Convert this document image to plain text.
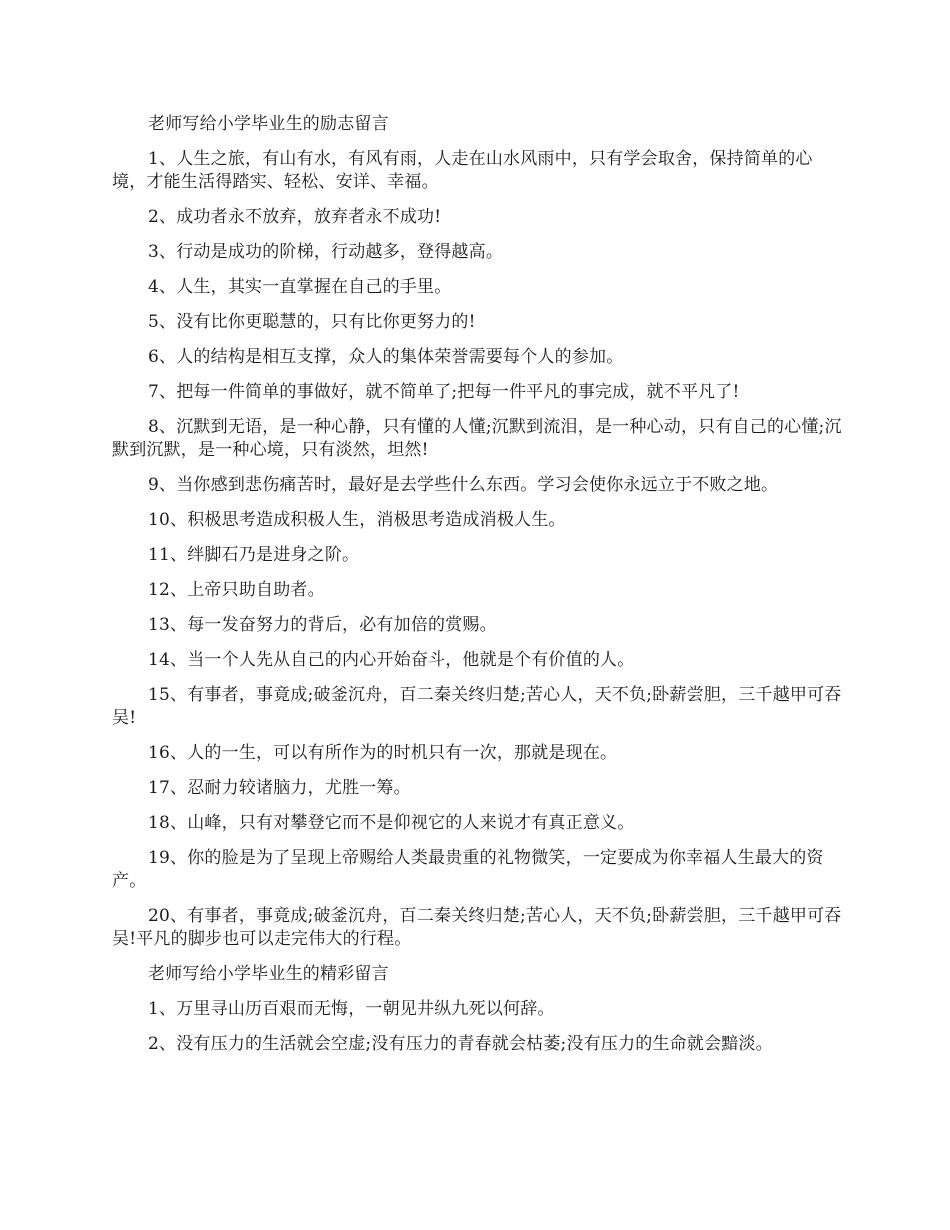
老师写给小学毕业生的励志留言

1、人生之旅，有山有水，有风有雨，人走在山水风雨中，只有学会取舍，保持简单的心境，才能生活得踏实、轻松、安详、幸福。

2、成功者永不放弃，放弃者永不成功!

3、行动是成功的阶梯，行动越多，登得越高。

4、人生，其实一直掌握在自己的手里。

5、没有比你更聪慧的，只有比你更努力的!

6、人的结构是相互支撑，众人的集体荣誉需要每个人的参加。

7、把每一件简单的事做好，就不简单了;把每一件平凡的事完成，就不平凡了!

8、沉默到无语，是一种心静，只有懂的人懂;沉默到流泪，是一种心动，只有自己的心懂;沉默到沉默，是一种心境，只有淡然，坦然!

9、当你感到悲伤痛苦时，最好是去学些什么东西。学习会使你永远立于不败之地。

10、积极思考造成积极人生，消极思考造成消极人生。

11、绊脚石乃是进身之阶。

12、上帝只助自助者。

13、每一发奋努力的背后，必有加倍的赏赐。

14、当一个人先从自己的内心开始奋斗，他就是个有价值的人。

15、有事者，事竟成;破釜沉舟，百二秦关终归楚;苦心人，天不负;卧薪尝胆，三千越甲可吞吴!

16、人的一生，可以有所作为的时机只有一次，那就是现在。

17、忍耐力较诸脑力，尤胜一筹。

18、山峰，只有对攀登它而不是仰视它的人来说才有真正意义。

19、你的脸是为了呈现上帝赐给人类最贵重的礼物微笑，一定要成为你幸福人生最大的资产。

20、有事者，事竟成;破釜沉舟，百二秦关终归楚;苦心人，天不负;卧薪尝胆，三千越甲可吞吴!平凡的脚步也可以走完伟大的行程。

老师写给小学毕业生的精彩留言

1、万里寻山历百艰而无悔，一朝见井纵九死以何辞。

2、没有压力的生活就会空虚;没有压力的青春就会枯萎;没有压力的生命就会黯淡。
